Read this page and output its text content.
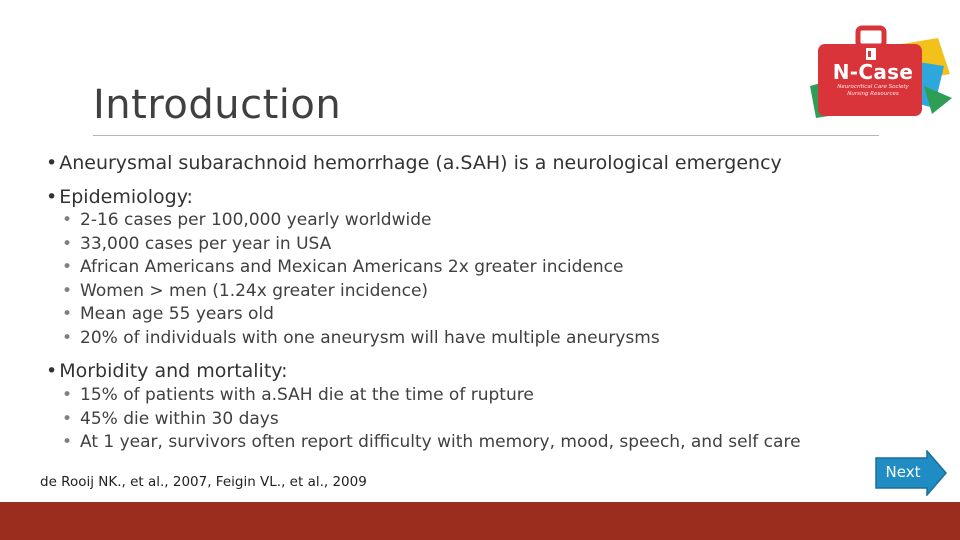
Introduction
N-Case
Neurocritical Care Society
Nursing Resources
• Aneurysmal subarachnoid hemorrhage (a.SAH) is a neurological emergency
• Epidemiology:
• 2-16 cases per 100,000 yearly worldwide
• 33,000 cases per year in USA
• African Americans and Mexican Americans 2x greater incidence
• Women > men (1.24x greater incidence)
• Mean age 55 years old
• 20% of individuals with one aneurysm will have multiple aneurysms
• Morbidity and mortality:
• 15% of patients with a.SAH die at the time of rupture
• 45% die within 30 days
• At 1 year, survivors often report difficulty with memory, mood, speech, and self care
de Rooij NK., et al., 2007, Feigin VL., et al., 2009
Next
